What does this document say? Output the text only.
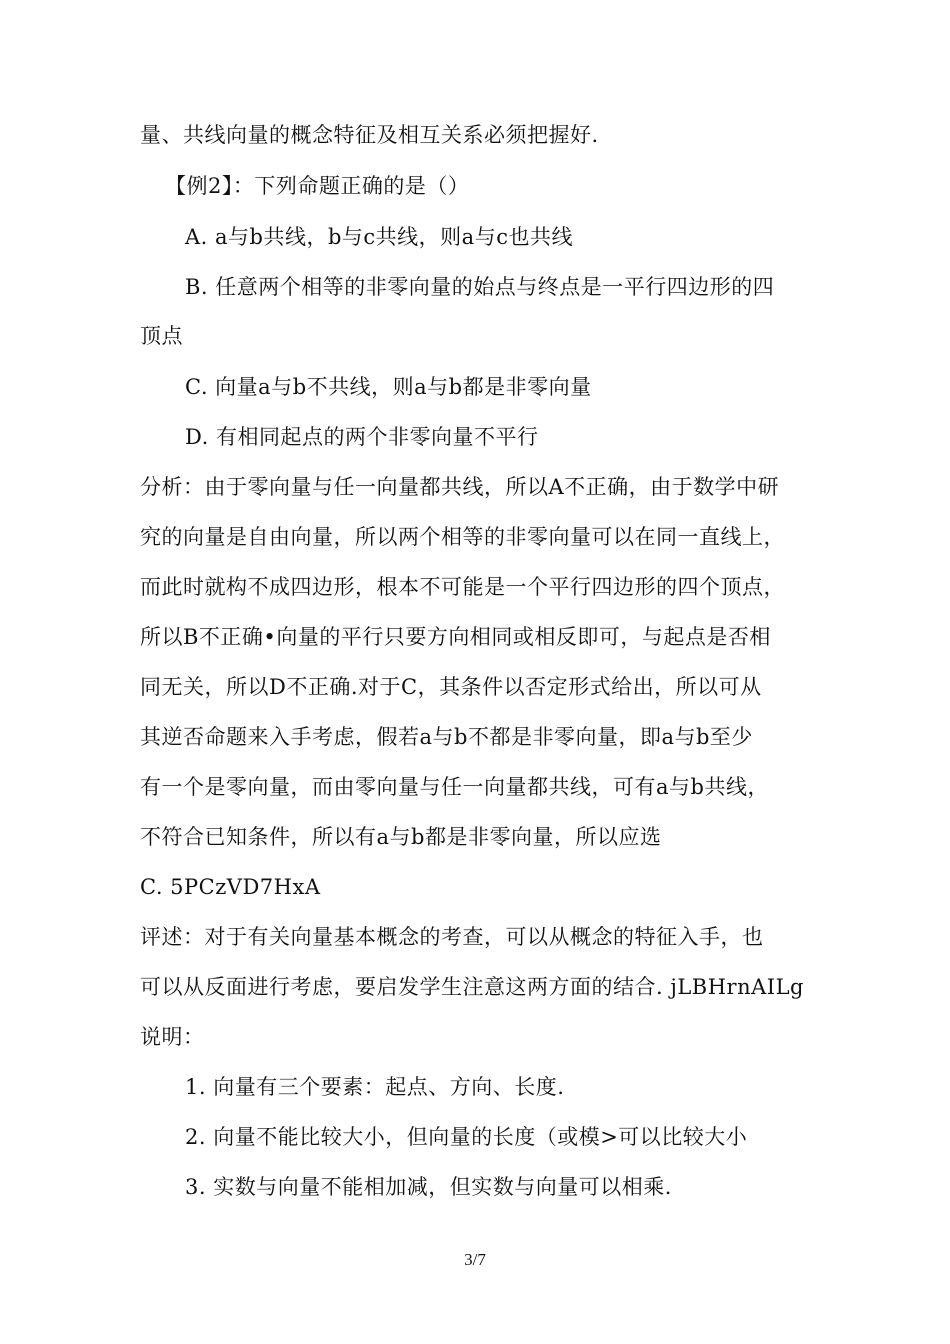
量、共线向量的概念特征及相互关系必须把握好.
【例2】：下列命题正确的是（）
A. a与b共线，b与c共线，则a与c也共线
B. 任意两个相等的非零向量的始点与终点是一平行四边形的四
顶点
C. 向量a与b不共线，则a与b都是非零向量
D. 有相同起点的两个非零向量不平行
分析：由于零向量与任一向量都共线，所以A不正确，由于数学中研
究的向量是自由向量，所以两个相等的非零向量可以在同一直线上，
而此时就构不成四边形，根本不可能是一个平行四边形的四个顶点，
所以B不正确•向量的平行只要方向相同或相反即可，与起点是否相
同无关，所以D不正确.对于C，其条件以否定形式给出，所以可从
其逆否命题来入手考虑，假若a与b不都是非零向量，即a与b至少
有一个是零向量，而由零向量与任一向量都共线，可有a与b共线，
不符合已知条件，所以有a与b都是非零向量，所以应选
C. 5PCzVD7HxA
评述：对于有关向量基本概念的考查，可以从概念的特征入手，也
可以从反面进行考虑，要启发学生注意这两方面的结合. jLBHrnAILg
说明：
1. 向量有三个要素：起点、方向、长度.
2. 向量不能比较大小，但向量的长度（或模>可以比较大小
3. 实数与向量不能相加减，但实数与向量可以相乘.
3/7
